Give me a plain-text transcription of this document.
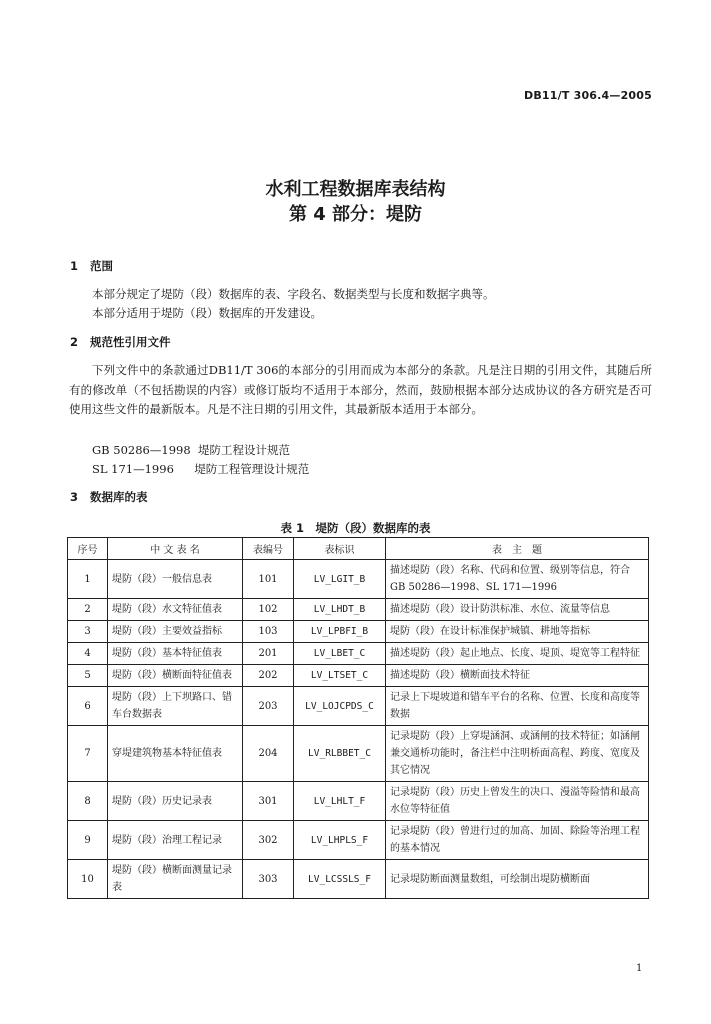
DB11/T 306.4—2005
水利工程数据库表结构
第 4 部分：堤防
1 范围
本部分规定了堤防（段）数据库的表、字段名、数据类型与长度和数据字典等。
本部分适用于堤防（段）数据库的开发建设。
2 规范性引用文件
下列文件中的条款通过DB11/T 306的本部分的引用而成为本部分的条款。凡是注日期的引用文件，其随后所有的修改单（不包括勘误的内容）或修订版均不适用于本部分，然而，鼓励根据本部分达成协议的各方研究是否可使用这些文件的最新版本。凡是不注日期的引用文件，其最新版本适用于本部分。
GB 50286—1998 堤防工程设计规范
SL 171—1996 堤防工程管理设计规范
3 数据库的表
表 1　堤防（段）数据库的表
序号	中 文 表 名	表编号	表标识	表　主　题
1	堤防（段）一般信息表	101	LV_LGIT_B	描述堤防（段）名称、代码和位置、级别等信息，符合 GB 50286—1998、SL 171—1996
2	堤防（段）水文特征值表	102	LV_LHDT_B	描述堤防（段）设计防洪标准、水位、流量等信息
3	堤防（段）主要效益指标	103	LV_LPBFI_B	堤防（段）在设计标准保护城镇、耕地等指标
4	堤防（段）基本特征值表	201	LV_LBET_C	描述堤防（段）起止地点、长度、堤顶、堤宽等工程特征
5	堤防（段）横断面特征值表	202	LV_LTSET_C	描述堤防（段）横断面技术特征
6	堤防（段）上下坝路口、错车台数据表	203	LV_LOJCPDS_C	记录上下堤坡道和错车平台的名称、位置、长度和高度等数据
7	穿堤建筑物基本特征值表	204	LV_RLBBET_C	记录堤防（段）上穿堤涵洞、或涵闸的技术特征；如涵闸兼交通桥功能时，备注栏中注明桥面高程、跨度、宽度及其它情况
8	堤防（段）历史记录表	301	LV_LHLT_F	记录堤防（段）历史上曾发生的决口、漫溢等险情和最高水位等特征值
9	堤防（段）治理工程记录	302	LV_LHPLS_F	记录堤防（段）曾进行过的加高、加固、除险等治理工程的基本情况
10	堤防（段）横断面测量记录表	303	LV_LCSSLS_F	记录堤防断面测量数组，可绘制出堤防横断面
1
